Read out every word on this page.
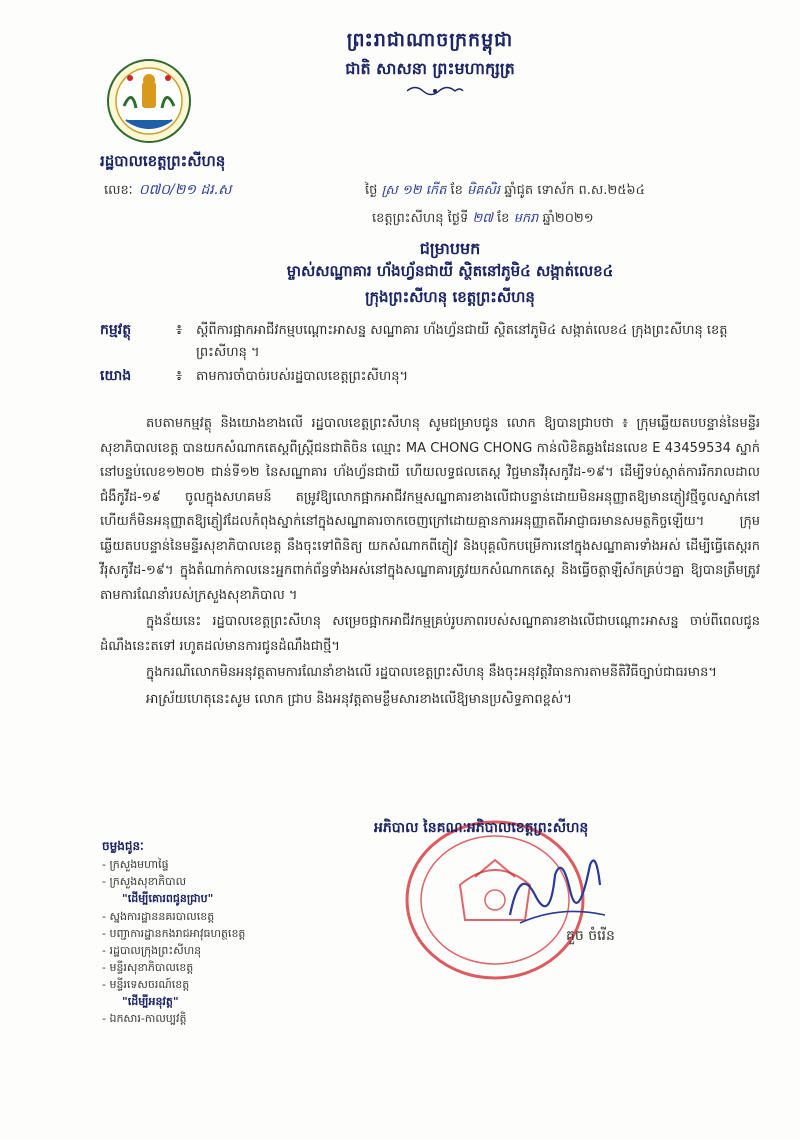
ព្រះរាជាណាចក្រកម្ពុជា
ជាតិ សាសនា ព្រះមហាក្សត្រ
រដ្ឋបាលខេត្តព្រះសីហនុ
លេខៈ ០៧០/២១ ដរ.ស	ថ្ងៃ ស្រ ១២ កើត ខែ មិគសិរ ឆ្នាំជូត ទោស័ក ព.ស.២៥៦៤
ខេត្តព្រះសីហនុ ថ្ងៃទី ២៧ ខែ មករា ឆ្នាំ២០២១
ជម្រាបមក
ម្ចាស់សណ្ឋាគារ ហ័ងហ្វ័នជាយី ស្ថិតនៅភូមិ៤ សង្កាត់លេខ៤
ក្រុងព្រះសីហនុ ខេត្តព្រះសីហនុ
កម្មវត្ថុ	៖ ស្តីពីការផ្អាកអាជីវកម្មបណ្តោះអាសន្ន សណ្ឋាគារ ហ័ងហ្វ័នជាយី ស្ថិតនៅភូមិ៤ សង្កាត់លេខ៤ ក្រុងព្រះសីហនុ ខេត្តព្រះសីហនុ ។
យោង	៖ តាមការចាំបាច់របស់រដ្ឋបាលខេត្តព្រះសីហនុ។

តបតាមកម្មវត្ថុ និងយោងខាងលើ រដ្ឋបាលខេត្តព្រះសីហនុ សូមជម្រាបជូន លោក ឱ្យបានជ្រាបថា ៖ ក្រុមឆ្លើយតបបន្ទាន់នៃមន្ទីរសុខាភិបាលខេត្ត បានយកសំណាកតេស្តពីស្ត្រីជនជាតិចិន ឈ្មោះ MA CHONG CHONG កាន់លិខិតឆ្លងដែនលេខ E 43459534 ស្នាក់នៅបន្ទប់លេខ១២០២ ជាន់ទី១២ នៃសណ្ឋាគារ ហ័ងហ្វ័នជាយី ហើយលទ្ធផលតេស្ត វិជ្ជមានវីរុសកូវីដ-១៩។ ដើម្បីទប់ស្កាត់ការរីករាលដាលជំងឺកូវីដ-១៩ ចូលក្នុងសហគមន៍ តម្រូវឱ្យលោកផ្អាកអាជីវកម្មសណ្ឋាគារខាងលើជាបន្ទាន់ដោយមិនអនុញ្ញាតឱ្យមានភ្ញៀវថ្មីចូលស្នាក់នៅ ហើយក៏មិនអនុញ្ញាតឱ្យភ្ញៀវដែលកំពុងស្នាក់នៅក្នុងសណ្ឋាគារចាកចេញក្រៅដោយគ្មានការអនុញ្ញាតពីអាជ្ញាធរមានសមត្ថកិច្ចឡើយ។ ក្រុមឆ្លើយតបបន្ទាន់នៃមន្ទីរសុខាភិបាលខេត្ត នឹងចុះទៅពិនិត្យ យកសំណាកពីភ្ញៀវ និងបុគ្គលិកបម្រើការនៅក្នុងសណ្ឋាគារទាំងអស់ ដើម្បីធ្វើតេស្តរកវីរុសកូវីដ-១៩។ ក្នុងតំណាក់កាលនេះអ្នកពាក់ព័ន្ធទាំងអស់នៅក្នុងសណ្ឋាគារត្រូវយកសំណាកតេស្ត និងធ្វើចត្តាឡីស័កគ្រប់ៗគ្នា ឱ្យបានត្រឹមត្រូវតាមការណែនាំរបស់ក្រសួងសុខាភិបាល ។

ក្នុងន័យនេះ រដ្ឋបាលខេត្តព្រះសីហនុ សម្រេចផ្អាកអាជីវកម្មគ្រប់រូបភាពរបស់សណ្ឋាគារខាងលើជាបណ្តោះអាសន្ន ចាប់ពីពេលជូនដំណឹងនេះតទៅ រហូតដល់មានការជូនដំណឹងជាថ្មី។

ក្នុងករណីលោកមិនអនុវត្តតាមការណែនាំខាងលើ រដ្ឋបាលខេត្តព្រះសីហនុ នឹងចុះអនុវត្តវិធានការតាមនីតិវិធីច្បាប់ជាធរមាន។

អាស្រ័យហេតុនេះសូម លោក ជ្រាប និងអនុវត្តតាមខ្លឹមសារខាងលើឱ្យមានប្រសិទ្ធភាពខ្ពស់។

អភិបាល នៃគណៈអភិបាលខេត្តព្រះសីហនុ
គួច ចំរើន
ចម្លងជូនៈ
- ក្រសួងមហាផ្ទៃ
- ក្រសួងសុខាភិបាល
"ដើម្បីគោរពជូនជ្រាប"
- ស្នងការដ្ឋាននគរបាលខេត្ត
- បញ្ជាការដ្ឋានកងរាជអាវុធហត្ថខេត្ត
- រដ្ឋបាលក្រុងព្រះសីហនុ
- មន្ទីរសុខាភិបាលខេត្ត
- មន្ទីរទេសចរណ៍ខេត្ត
"ដើម្បីអនុវត្ត"
- ឯកសារ-កាលប្បវត្តិ
